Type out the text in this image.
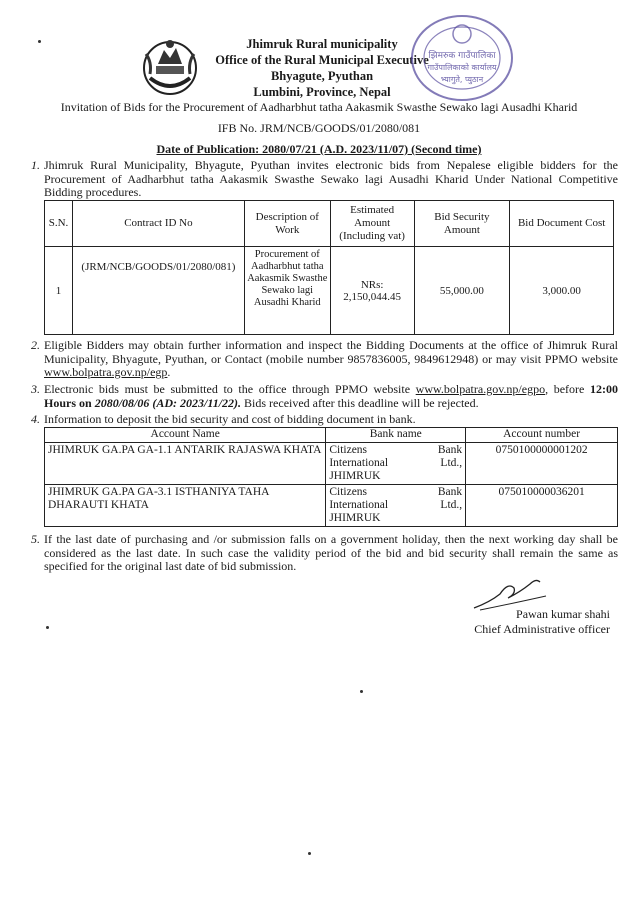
Jhimruk Rural municipality
Office of the Rural Municipal Executive
Bhyagute, Pyuthan
Lumbini, Province, Nepal
झिमरुक गाउँपालिका
गाउँपालिकाको कार्यालय
भ्यागुते, प्युठान
Invitation of Bids for the Procurement of Aadharbhut tatha Aakasmik Swasthe Sewako lagi Ausadhi Kharid
IFB No. JRM/NCB/GOODS/01/2080/081
Date of Publication: 2080/07/21 (A.D. 2023/11/07) (Second time)
1. Jhimruk Rural Municipality, Bhyagute, Pyuthan invites electronic bids from Nepalese eligible bidders for the Procurement of Aadharbhut tatha Aakasmik Swasthe Sewako lagi Ausadhi Kharid Under National Competitive Bidding procedures.
S.N.	Contract ID No	Description of Work	Estimated Amount (Including vat)	Bid Security Amount	Bid Document Cost
1	(JRM/NCB/GOODS/01/2080/081)	Procurement of Aadharbhut tatha Aakasmik Swasthe Sewako lagi Ausadhi Kharid	NRs: 2,150,044.45	55,000.00	3,000.00
2. Eligible Bidders may obtain further information and inspect the Bidding Documents at the office of Jhimruk Rural Municipality, Bhyagute, Pyuthan, or Contact (mobile number 9857836005, 9849612948) or may visit PPMO website www.bolpatra.gov.np/egp.
3. Electronic bids must be submitted to the office through PPMO website www.bolpatra.gov.np/egpo, before 12:00 Hours on 2080/08/06 (AD: 2023/11/22). Bids received after this deadline will be rejected.
4. Information to deposit the bid security and cost of bidding document in bank.
Account Name	Bank name	Account number
JHIMRUK GA.PA GA-1.1 ANTARIK RAJASWA KHATA	Citizens Bank
International Ltd.,
JHIMRUK	0750100000001202
JHIMRUK GA.PA GA-3.1 ISTHANIYA TAHA DHARAUTI KHATA	Citizens Bank
International Ltd.,
JHIMRUK	075010000036201
5. If the last date of purchasing and /or submission falls on a government holiday, then the next working day shall be considered as the last date. In such case the validity period of the bid and bid security shall remain the same as specified for the original last date of bid submission.
Pawan kumar shahi
Chief Administrative officer
